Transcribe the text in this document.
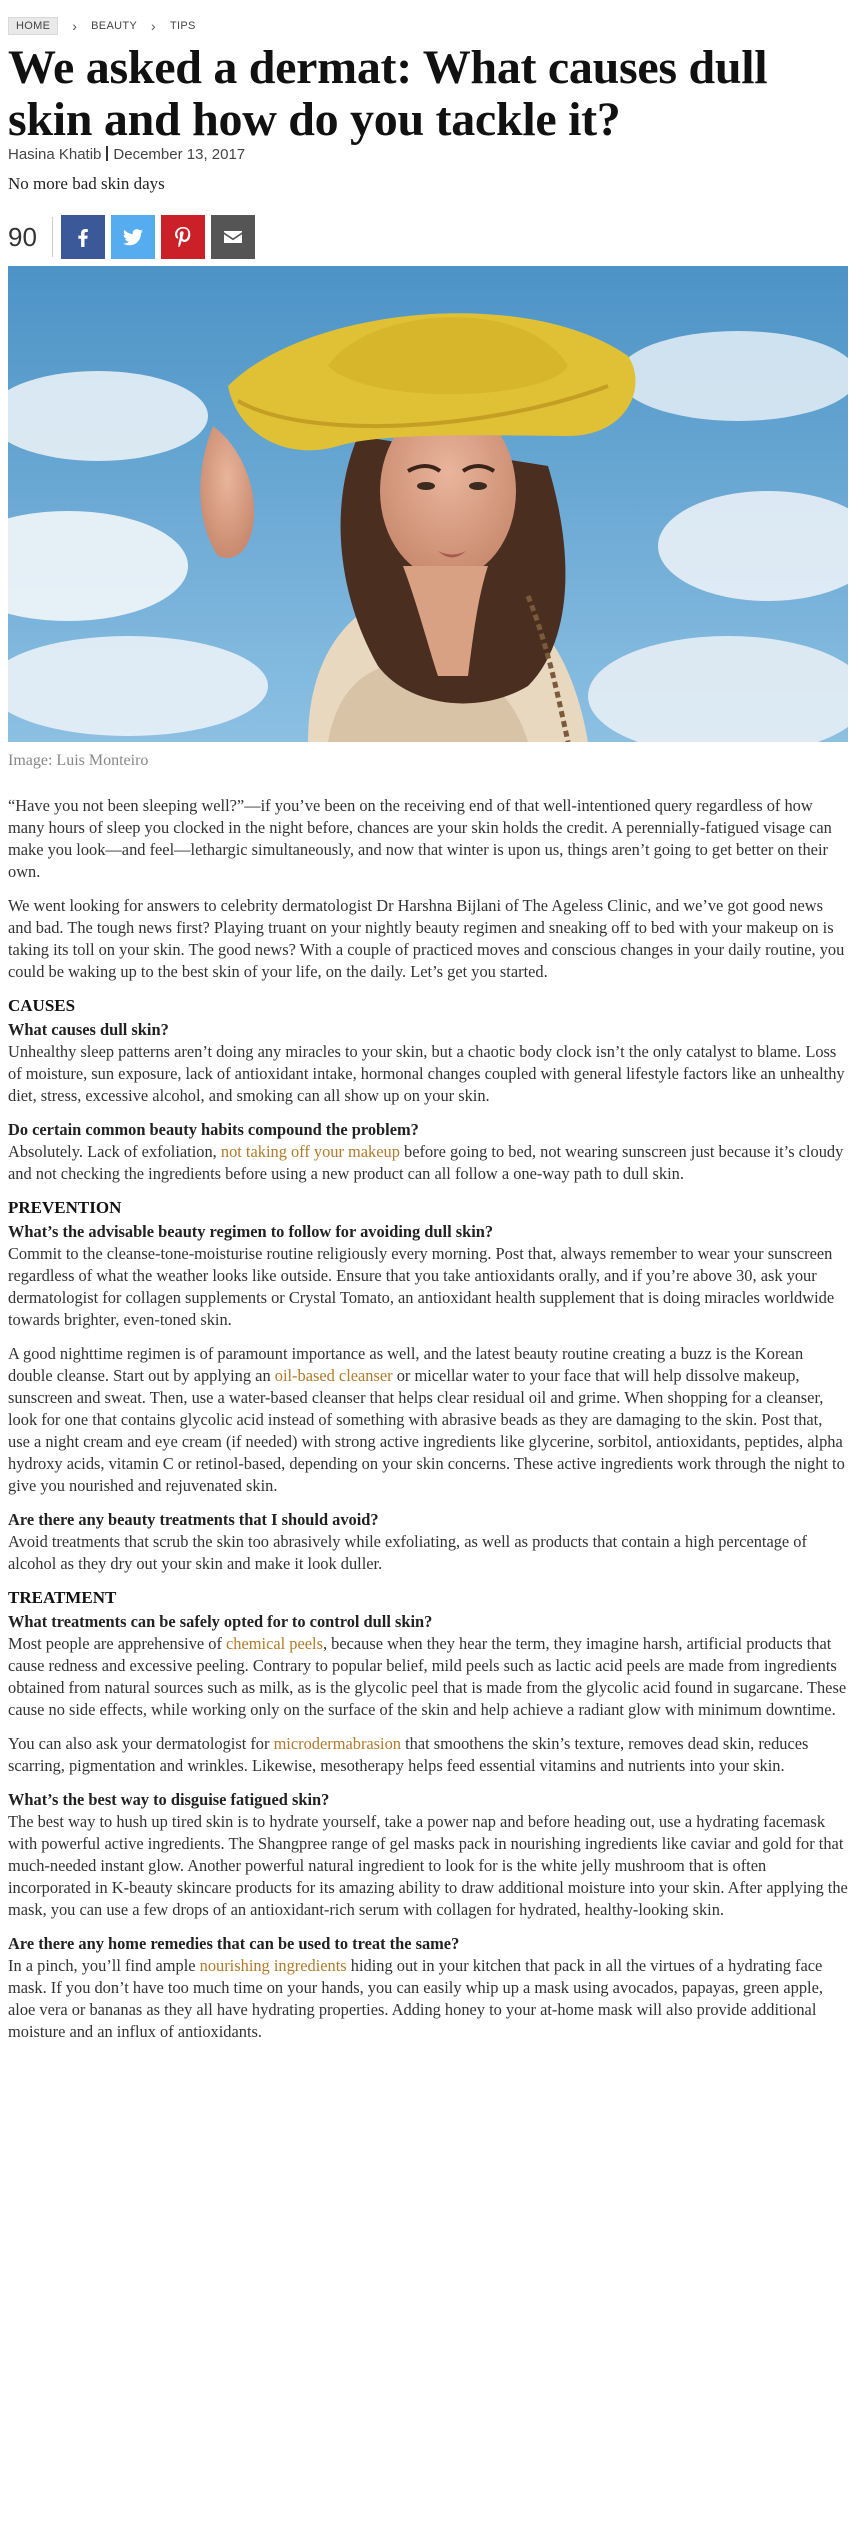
HOME	› BEAUTY › TIPS
We asked a dermat: What causes dull skin and how do you tackle it?
Hasina Khatib December 13, 2017
No more bad skin days
90
Image: Luis Monteiro

“Have you not been sleeping well?”—if you’ve been on the receiving end of that well-intentioned query regardless of how many hours of sleep you clocked in the night before, chances are your skin holds the credit. A perennially-fatigued visage can make you look—and feel—lethargic simultaneously, and now that winter is upon us, things aren’t going to get better on their own.

We went looking for answers to celebrity dermatologist Dr Harshna Bijlani of The Ageless Clinic, and we’ve got good news and bad. The tough news first? Playing truant on your nightly beauty regimen and sneaking off to bed with your makeup on is taking its toll on your skin. The good news? With a couple of practiced moves and conscious changes in your daily routine, you could be waking up to the best skin of your life, on the daily. Let’s get you started.

CAUSES
What causes dull skin?

Unhealthy sleep patterns aren’t doing any miracles to your skin, but a chaotic body clock isn’t the only catalyst to blame. Loss of moisture, sun exposure, lack of antioxidant intake, hormonal changes coupled with general lifestyle factors like an unhealthy diet, stress, excessive alcohol, and smoking can all show up on your skin.

Do certain common beauty habits compound the problem?

Absolutely. Lack of exfoliation, not taking off your makeup before going to bed, not wearing sunscreen just because it’s cloudy and not checking the ingredients before using a new product can all follow a one-way path to dull skin.

PREVENTION
What’s the advisable beauty regimen to follow for avoiding dull skin?

Commit to the cleanse-tone-moisturise routine religiously every morning. Post that, always remember to wear your sunscreen regardless of what the weather looks like outside. Ensure that you take antioxidants orally, and if you’re above 30, ask your dermatologist for collagen supplements or Crystal Tomato, an antioxidant health supplement that is doing miracles worldwide towards brighter, even-toned skin.

A good nighttime regimen is of paramount importance as well, and the latest beauty routine creating a buzz is the Korean double cleanse. Start out by applying an oil-based cleanser or micellar water to your face that will help dissolve makeup, sunscreen and sweat. Then, use a water-based cleanser that helps clear residual oil and grime. When shopping for a cleanser, look for one that contains glycolic acid instead of something with abrasive beads as they are damaging to the skin. Post that, use a night cream and eye cream (if needed) with strong active ingredients like glycerine, sorbitol, antioxidants, peptides, alpha hydroxy acids, vitamin C or retinol-based, depending on your skin concerns. These active ingredients work through the night to give you nourished and rejuvenated skin.

Are there any beauty treatments that I should avoid?

Avoid treatments that scrub the skin too abrasively while exfoliating, as well as products that contain a high percentage of alcohol as they dry out your skin and make it look duller.

TREATMENT
What treatments can be safely opted for to control dull skin?

Most people are apprehensive of chemical peels, because when they hear the term, they imagine harsh, artificial products that cause redness and excessive peeling. Contrary to popular belief, mild peels such as lactic acid peels are made from ingredients obtained from natural sources such as milk, as is the glycolic peel that is made from the glycolic acid found in sugarcane. These cause no side effects, while working only on the surface of the skin and help achieve a radiant glow with minimum downtime.

You can also ask your dermatologist for microdermabrasion that smoothens the skin’s texture, removes dead skin, reduces scarring, pigmentation and wrinkles. Likewise, mesotherapy helps feed essential vitamins and nutrients into your skin.

What’s the best way to disguise fatigued skin?

The best way to hush up tired skin is to hydrate yourself, take a power nap and before heading out, use a hydrating facemask with powerful active ingredients. The Shangpree range of gel masks pack in nourishing ingredients like caviar and gold for that much-needed instant glow. Another powerful natural ingredient to look for is the white jelly mushroom that is often incorporated in K-beauty skincare products for its amazing ability to draw additional moisture into your skin. After applying the mask, you can use a few drops of an antioxidant-rich serum with collagen for hydrated, healthy-looking skin.

Are there any home remedies that can be used to treat the same?

In a pinch, you’ll find ample nourishing ingredients hiding out in your kitchen that pack in all the virtues of a hydrating face mask. If you don’t have too much time on your hands, you can easily whip up a mask using avocados, papayas, green apple, aloe vera or bananas as they all have hydrating properties. Adding honey to your at-home mask will also provide additional moisture and an influx of antioxidants.
